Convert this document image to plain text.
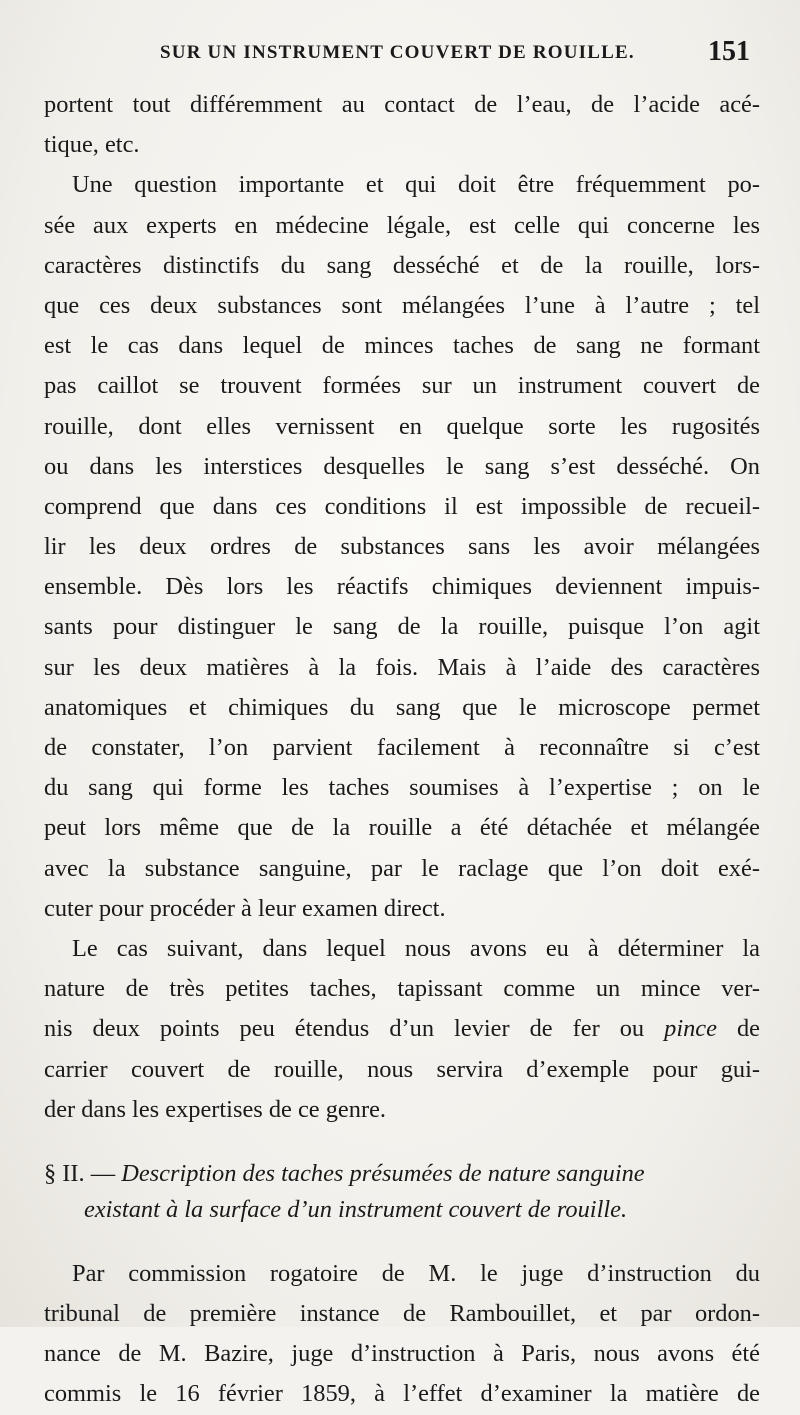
SUR UN INSTRUMENT COUVERT DE ROUILLE.	151
portent tout différemment au contact de l’eau, de l’acide acé-
tique, etc.
Une question importante et qui doit être fréquemment po-
sée aux experts en médecine légale, est celle qui concerne les
caractères distinctifs du sang desséché et de la rouille, lors-
que ces deux substances sont mélangées l’une à l’autre ; tel
est le cas dans lequel de minces taches de sang ne formant
pas caillot se trouvent formées sur un instrument couvert de
rouille, dont elles vernissent en quelque sorte les rugosités
ou dans les interstices desquelles le sang s’est desséché. On
comprend que dans ces conditions il est impossible de recueil-
lir les deux ordres de substances sans les avoir mélangées
ensemble. Dès lors les réactifs chimiques deviennent impuis-
sants pour distinguer le sang de la rouille, puisque l’on agit
sur les deux matières à la fois. Mais à l’aide des caractères
anatomiques et chimiques du sang que le microscope permet
de constater, l’on parvient facilement à reconnaître si c’est
du sang qui forme les taches soumises à l’expertise ; on le
peut lors même que de la rouille a été détachée et mélangée
avec la substance sanguine, par le raclage que l’on doit exé-
cuter pour procéder à leur examen direct.
Le cas suivant, dans lequel nous avons eu à déterminer la
nature de très petites taches, tapissant comme un mince ver-
nis deux points peu étendus d’un levier de fer ou pince de
carrier couvert de rouille, nous servira d’exemple pour gui-
der dans les expertises de ce genre.
§ II. — Description des taches présumées de nature sanguine
existant à la surface d’un instrument couvert de rouille.
Par commission rogatoire de M. le juge d’instruction du
tribunal de première instance de Rambouillet, et par ordon-
nance de M. Bazire, juge d’instruction à Paris, nous avons été
commis le 16 février 1859, à l’effet d’examiner la matière de
